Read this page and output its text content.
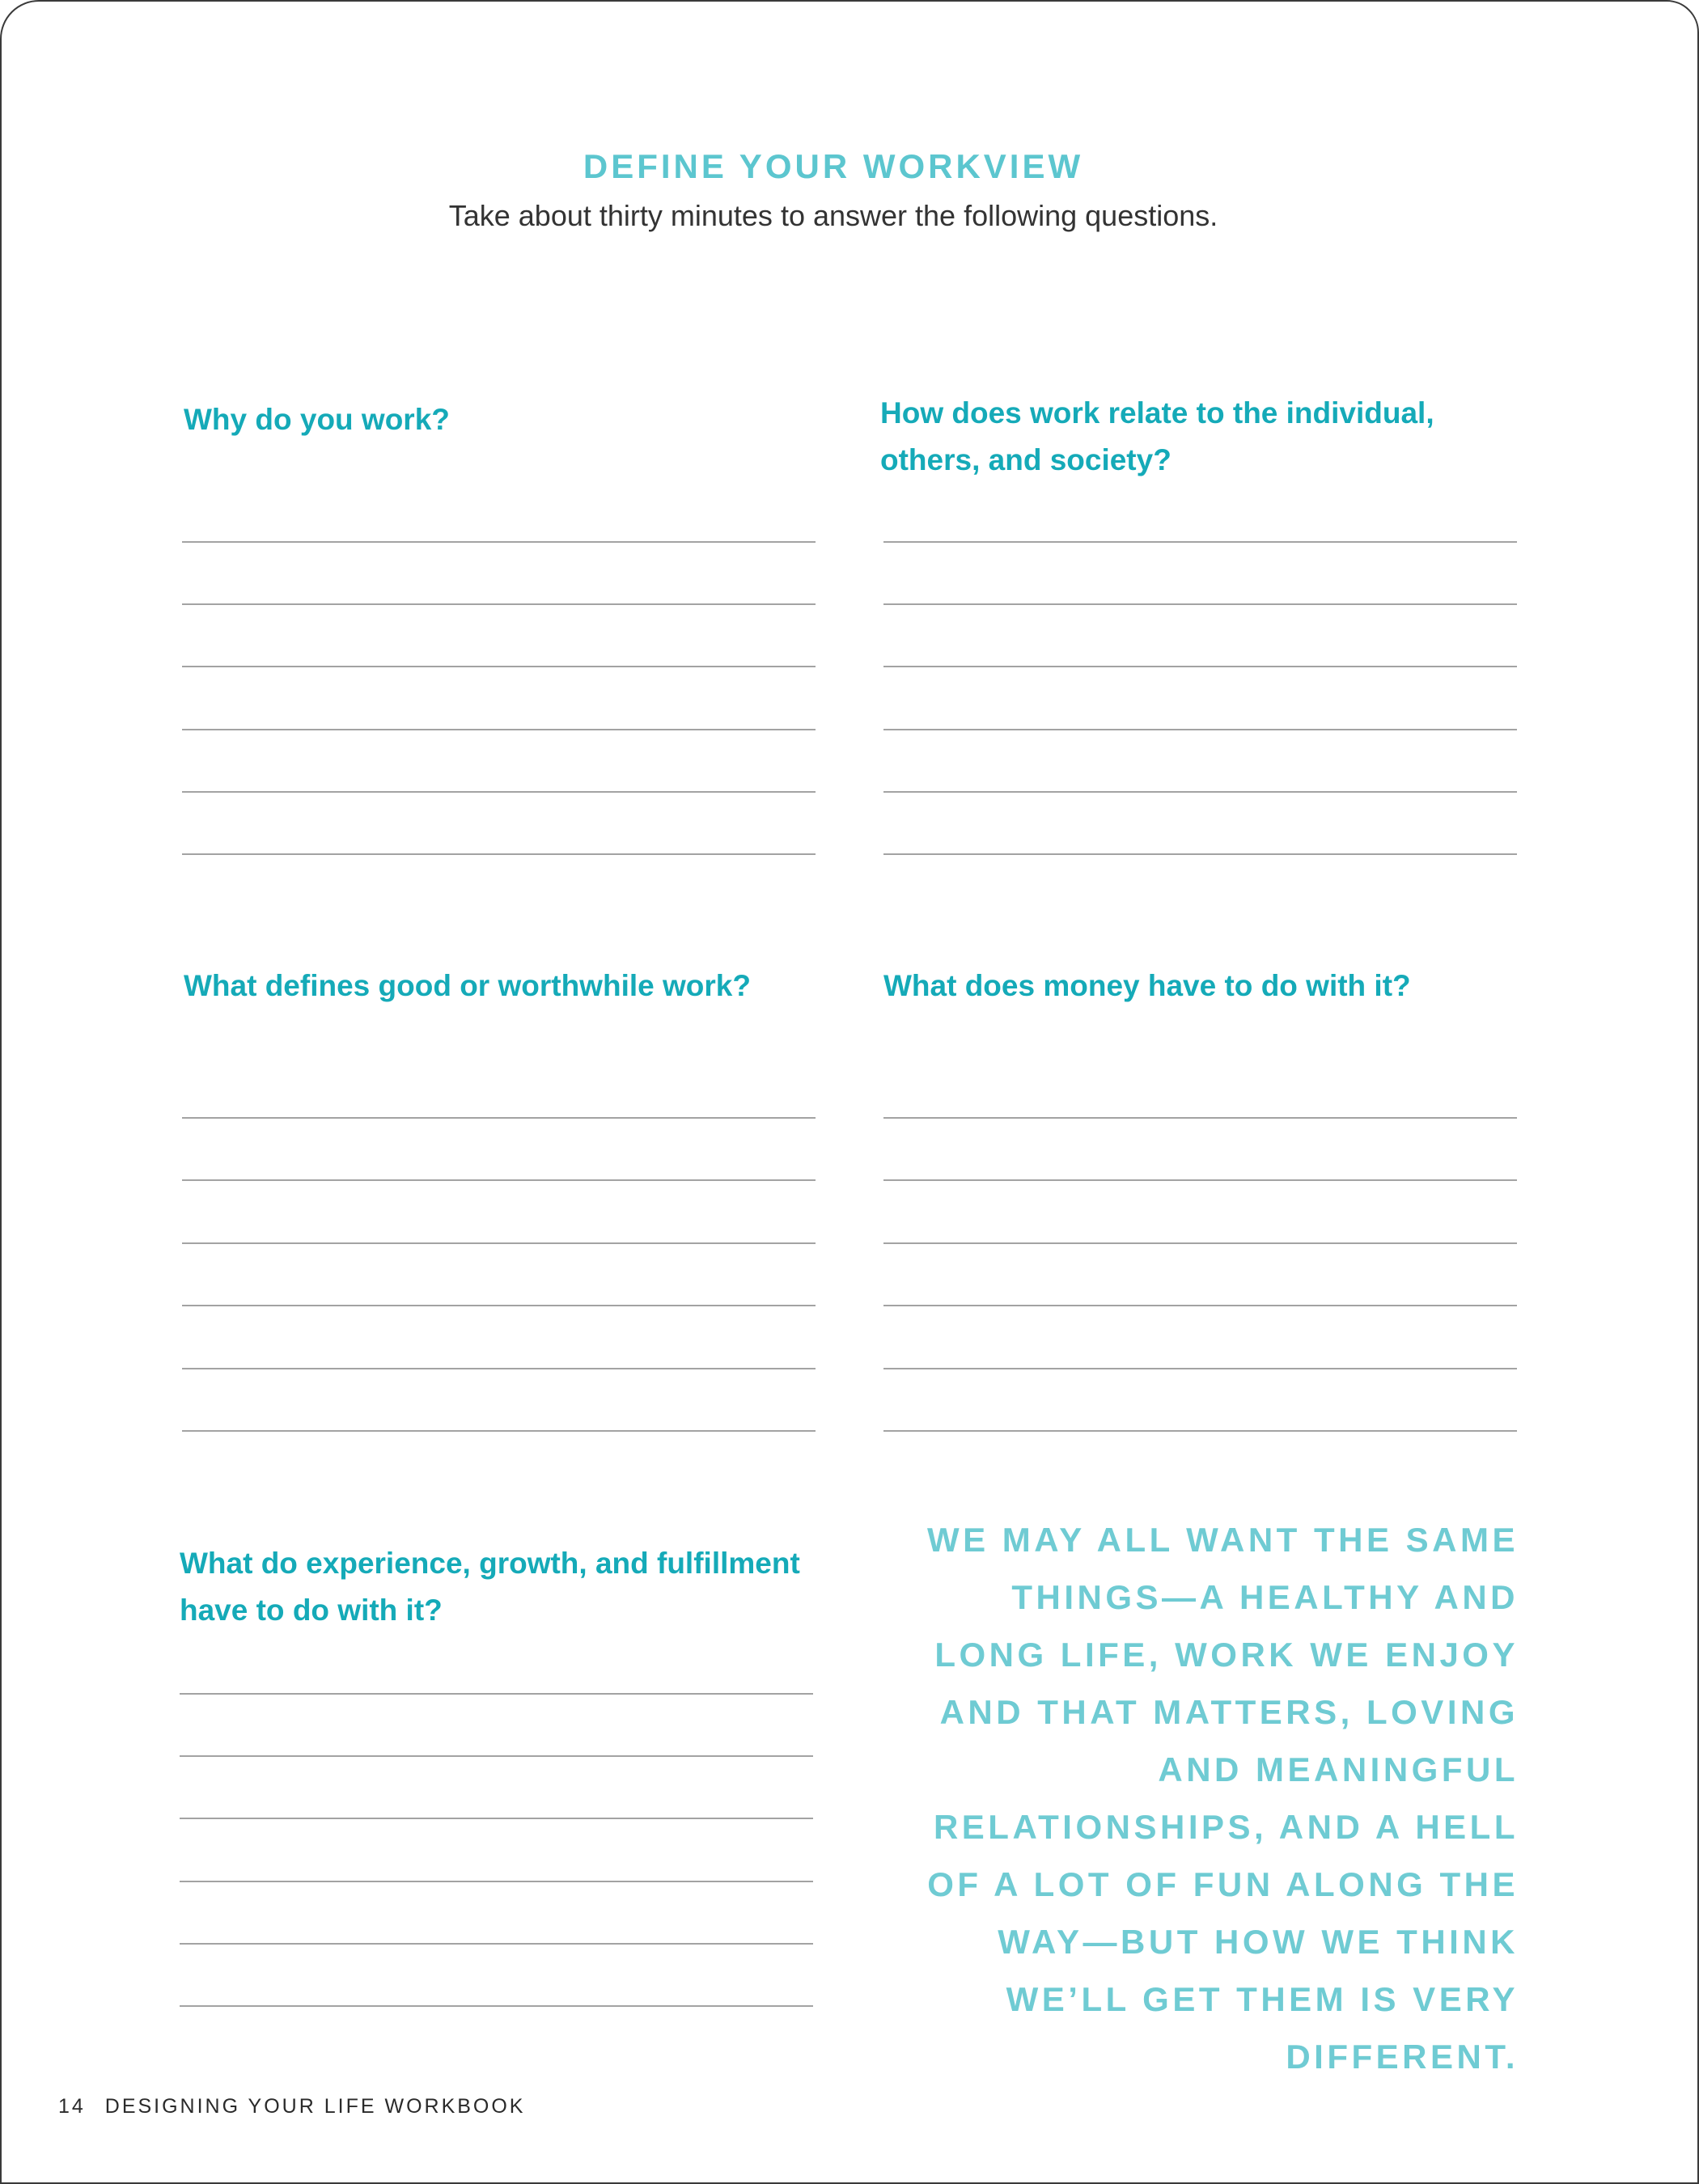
DEFINE YOUR WORKVIEW
Take about thirty minutes to answer the following questions.

Why do you work?	How does work relate to the individual, others, and society?

What defines good or worthwhile work?	What does money have to do with it?

What do experience, growth, and fulfillment have to do with it?

WE MAY ALL WANT THE SAME THINGS—A HEALTHY AND LONG LIFE, WORK WE ENJOY AND THAT MATTERS, LOVING AND MEANINGFUL RELATIONSHIPS, AND A HELL OF A LOT OF FUN ALONG THE WAY—BUT HOW WE THINK WE’LL GET THEM IS VERY DIFFERENT.

14 DESIGNING YOUR LIFE WORKBOOK
